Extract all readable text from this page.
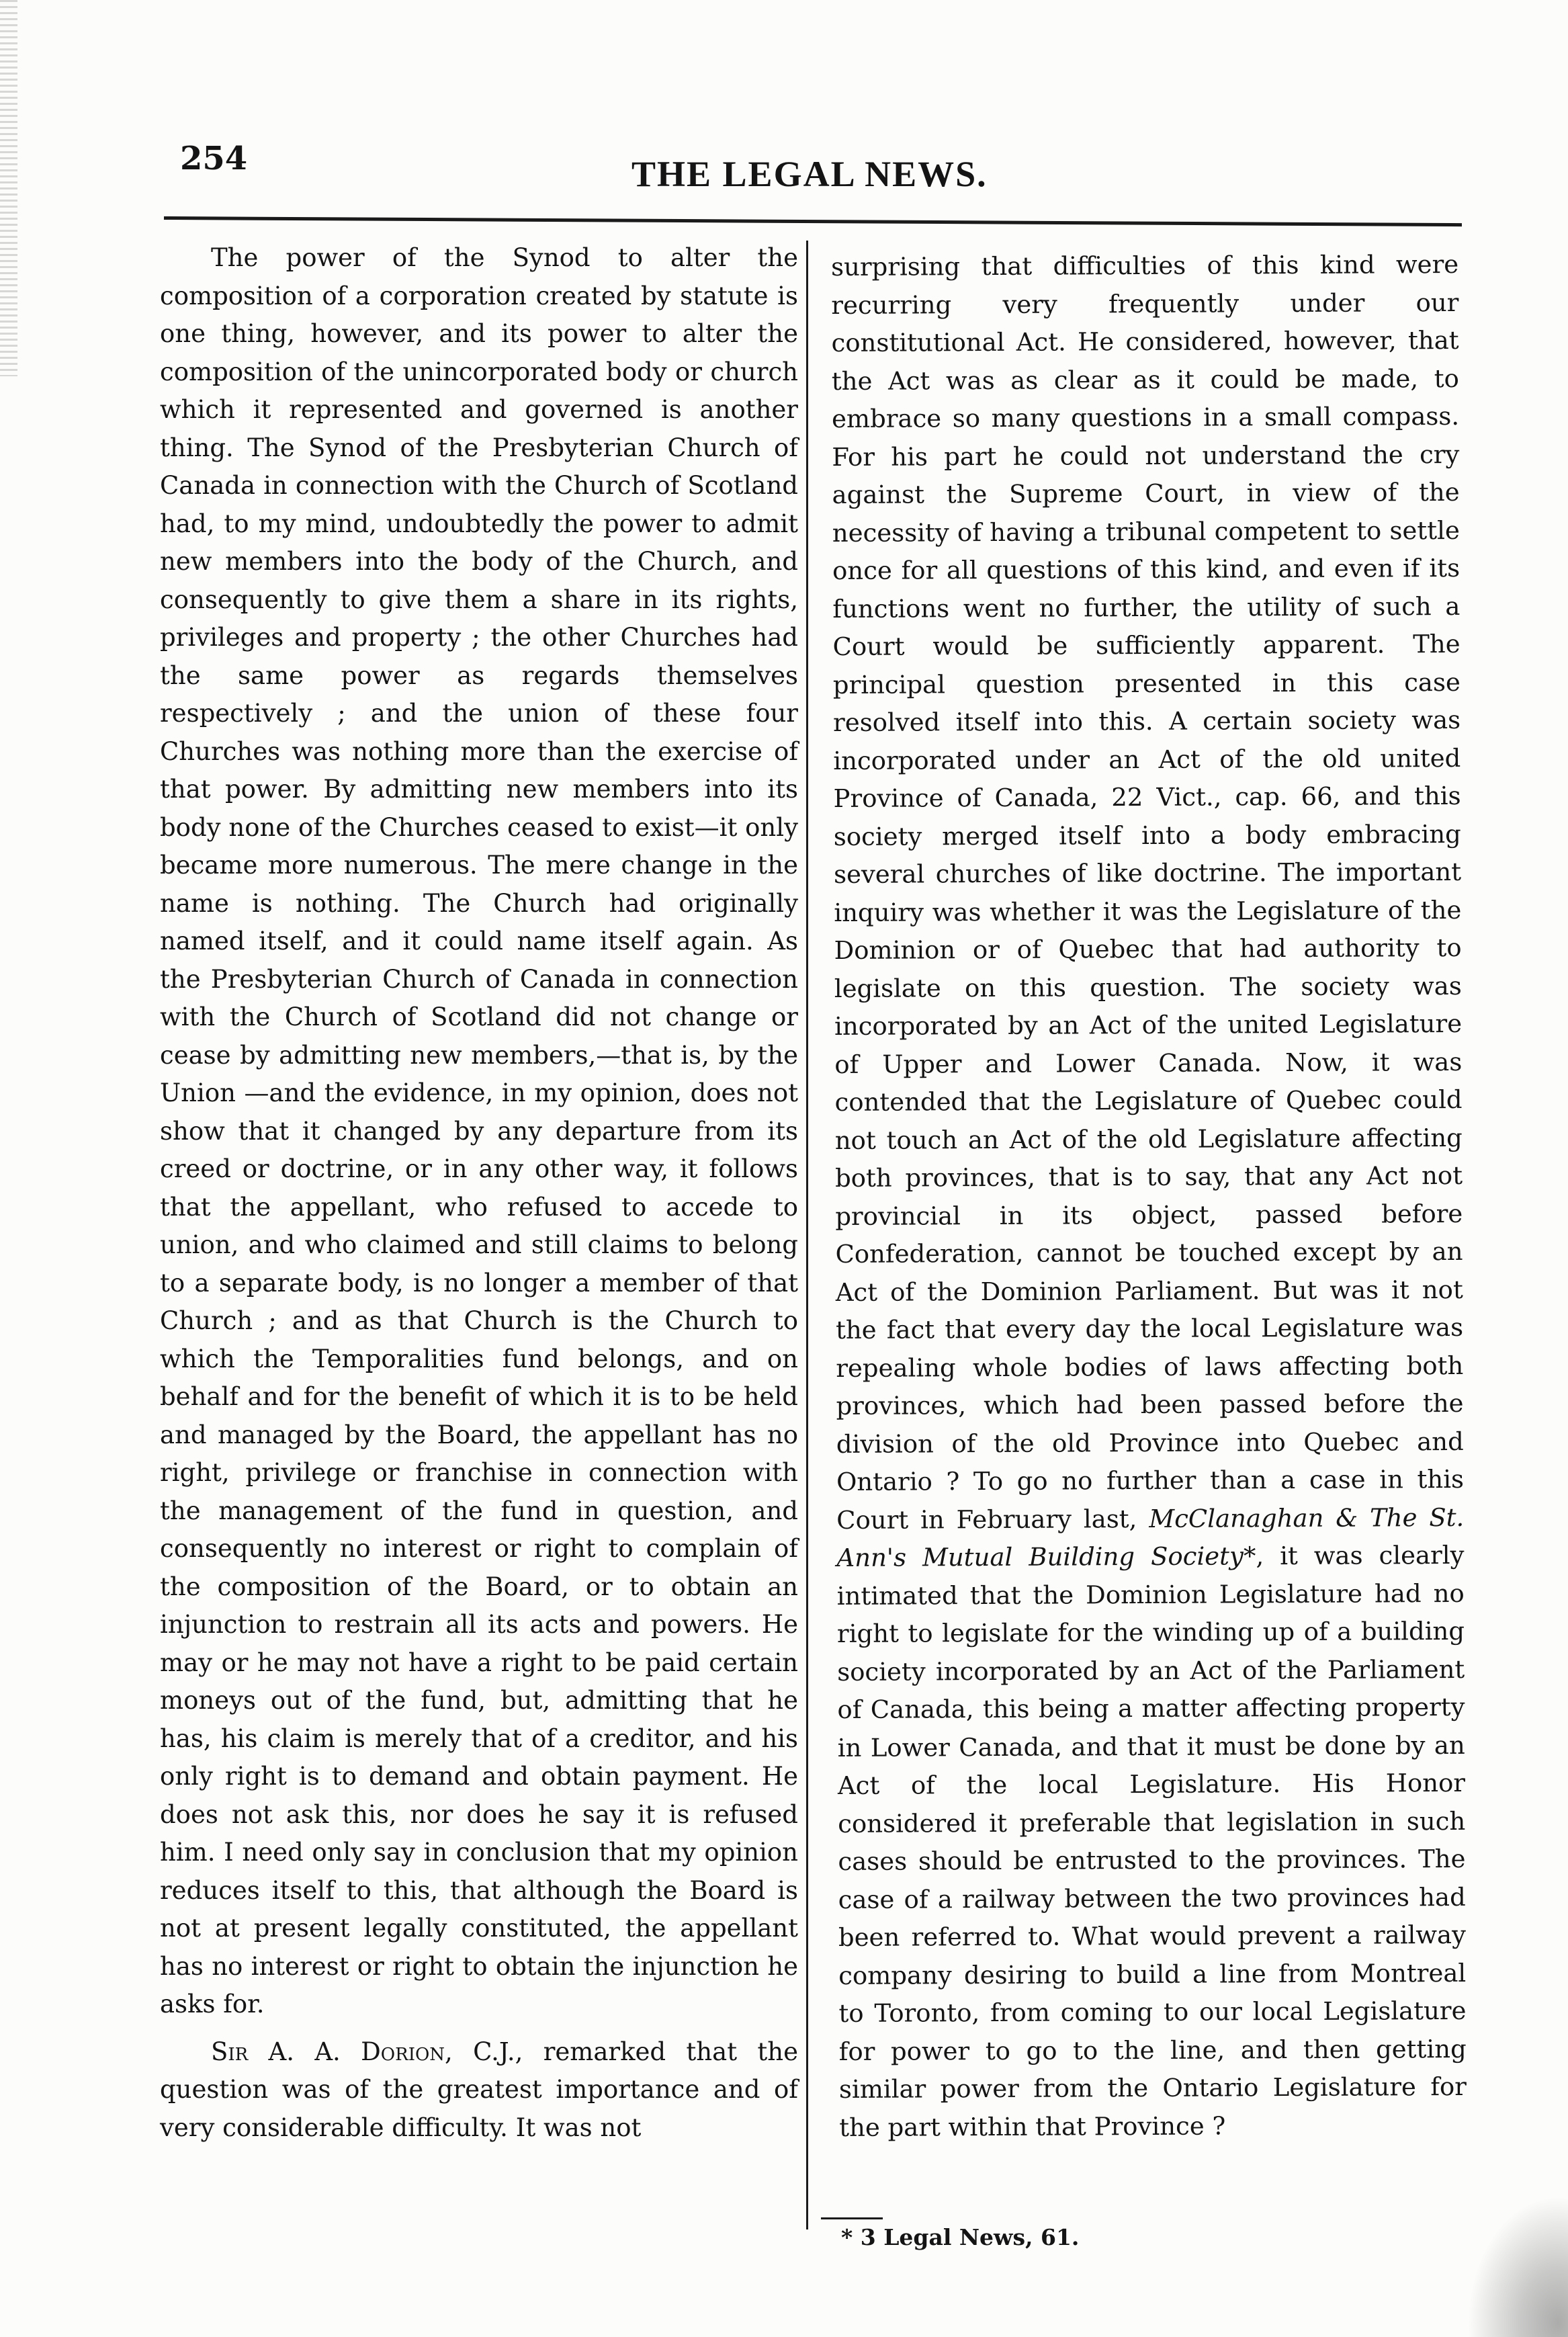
254	THE LEGAL NEWS.

The power of the Synod to alter the composition of a corporation created by statute is one thing, however, and its power to alter the composition of the unincorporated body or church which it represented and governed is another thing. The Synod of the Presbyterian Church of Canada in connection with the Church of Scotland had, to my mind, undoubtedly the power to admit new members into the body of the Church, and consequently to give them a share in its rights, privileges and property ; the other Churches had the same power as regards themselves respectively ; and the union of these four Churches was nothing more than the exercise of that power. By admitting new members into its body none of the Churches ceased to exist—it only became more numerous. The mere change in the name is nothing. The Church had originally named itself, and it could name itself again. As the Presbyterian Church of Canada in connection with the Church of Scotland did not change or cease by admitting new members,—that is, by the Union —and the evidence, in my opinion, does not show that it changed by any departure from its creed or doctrine, or in any other way, it follows that the appellant, who refused to accede to union, and who claimed and still claims to belong to a separate body, is no longer a member of that Church ; and as that Church is the Church to which the Temporalities fund belongs, and on behalf and for the benefit of which it is to be held and managed by the Board, the appellant has no right, privilege or franchise in connection with the management of the fund in question, and consequently no interest or right to complain of the composition of the Board, or to obtain an injunction to restrain all its acts and powers. He may or he may not have a right to be paid certain moneys out of the fund, but, admitting that he has, his claim is merely that of a creditor, and his only right is to demand and obtain payment. He does not ask this, nor does he say it is refused him. I need only say in conclusion that my opinion reduces itself to this, that although the Board is not at present legally constituted, the appellant has no interest or right to obtain the injunction he asks for.

Sir A. A. Dorion, C.J., remarked that the question was of the greatest importance and of very considerable difficulty. It was not

surprising that difficulties of this kind were recurring very frequently under our constitutional Act. He considered, however, that the Act was as clear as it could be made, to embrace so many questions in a small compass. For his part he could not understand the cry against the Supreme Court, in view of the necessity of having a tribunal competent to settle once for all questions of this kind, and even if its functions went no further, the utility of such a Court would be sufficiently apparent. The principal question presented in this case resolved itself into this. A certain society was incorporated under an Act of the old united Province of Canada, 22 Vict., cap. 66, and this society merged itself into a body embracing several churches of like doctrine. The important inquiry was whether it was the Legislature of the Dominion or of Quebec that had authority to legislate on this question. The society was incorporated by an Act of the united Legislature of Upper and Lower Canada. Now, it was contended that the Legislature of Quebec could not touch an Act of the old Legislature affecting both provinces, that is to say, that any Act not provincial in its object, passed before Confederation, cannot be touched except by an Act of the Dominion Parliament. But was it not the fact that every day the local Legislature was repealing whole bodies of laws affecting both provinces, which had been passed before the division of the old Province into Quebec and Ontario ? To go no further than a case in this Court in February last, McClanaghan & The St. Ann's Mutual Building Society*, it was clearly intimated that the Dominion Legislature had no right to legislate for the winding up of a building society incorporated by an Act of the Parliament of Canada, this being a matter affecting property in Lower Canada, and that it must be done by an Act of the local Legislature. His Honor considered it preferable that legislation in such cases should be entrusted to the provinces. The case of a railway between the two provinces had been referred to. What would prevent a railway company desiring to build a line from Montreal to Toronto, from coming to our local Legislature for power to go to the line, and then getting similar power from the Ontario Legislature for the part within that Province ?

* 3 Legal News, 61.
